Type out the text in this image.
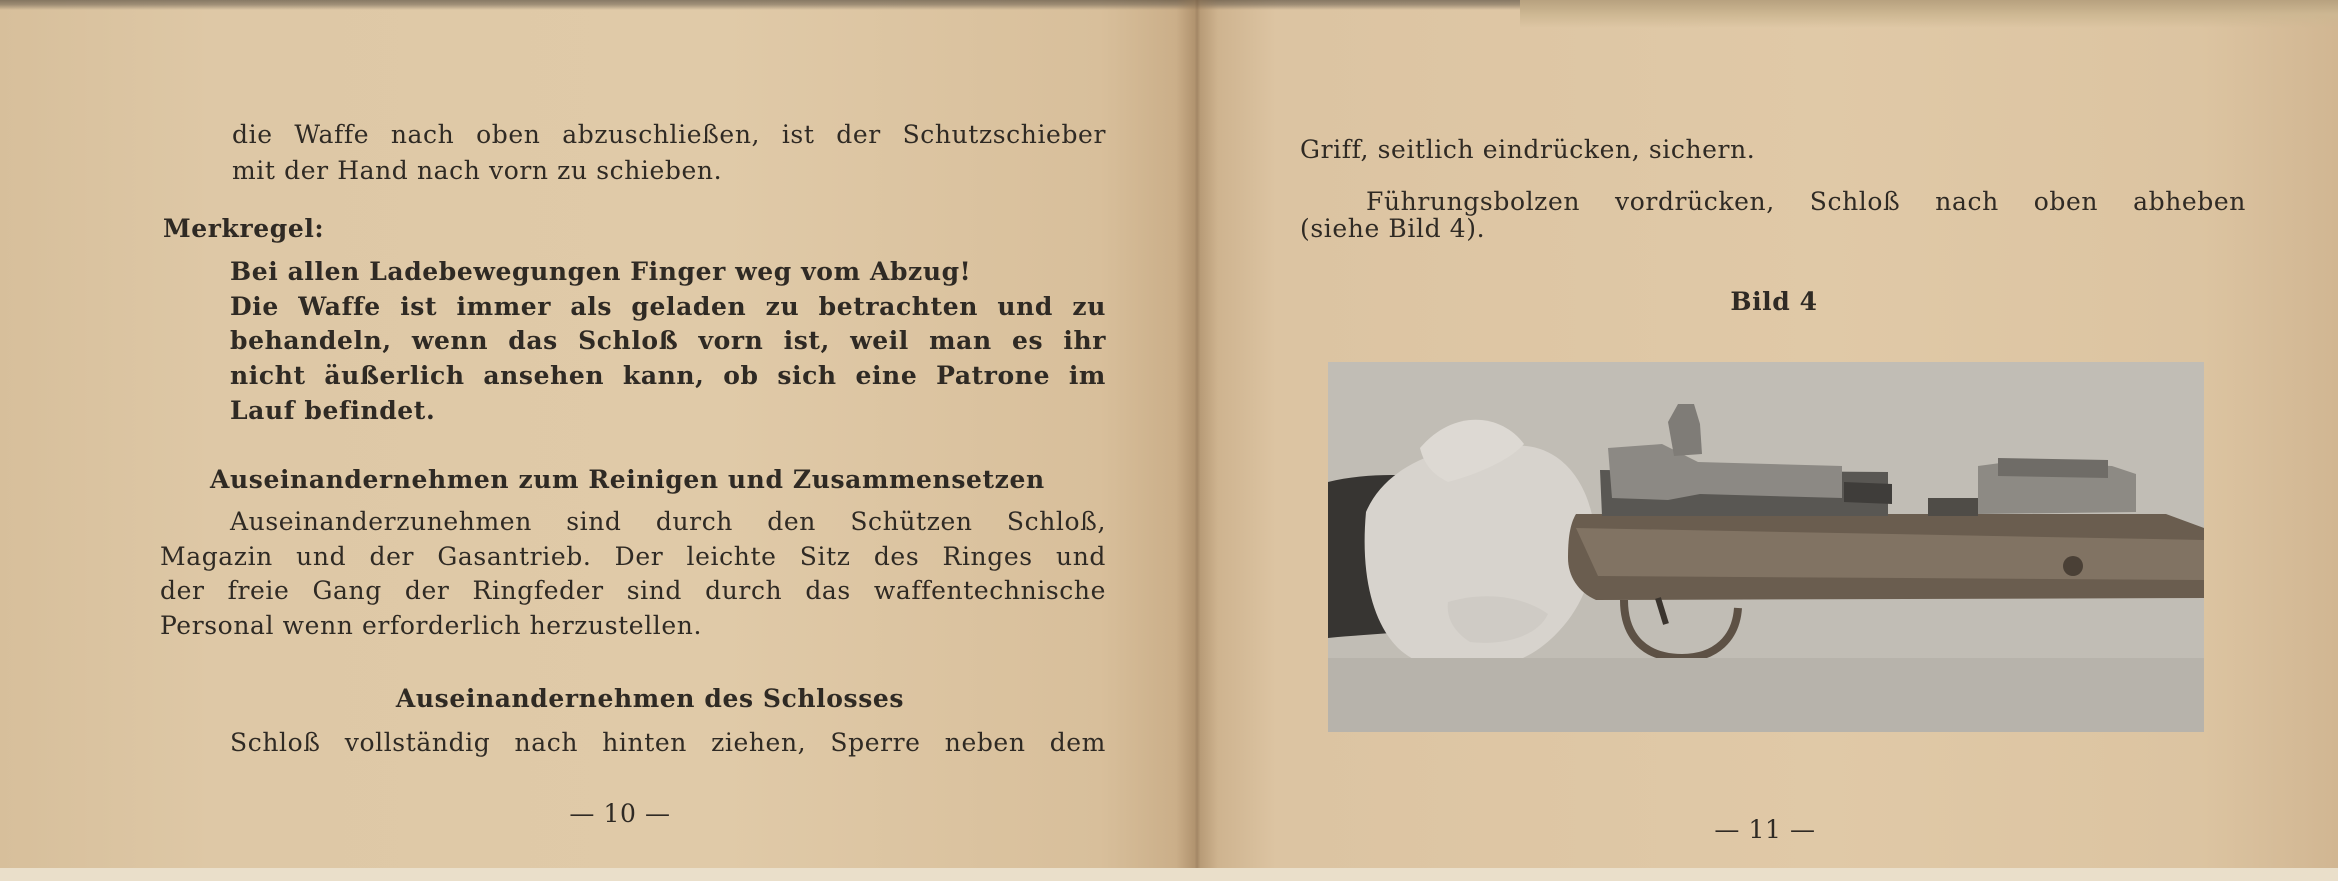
die Waffe nach oben abzuschließen, ist der Schutzschieber
mit der Hand nach vorn zu schieben.
Merkregel:
Bei allen Ladebewegungen Finger weg vom Abzug!
Die Waffe ist immer als geladen zu betrachten und zu
behandeln, wenn das Schloß vorn ist, weil man es ihr
nicht äußerlich ansehen kann, ob sich eine Patrone im
Lauf befindet.
Auseinandernehmen zum Reinigen und Zusammensetzen
Auseinanderzunehmen sind durch den Schützen Schloß,
Magazin und der Gasantrieb. Der leichte Sitz des Ringes und
der freie Gang der Ringfeder sind durch das waffentechnische
Personal wenn erforderlich herzustellen.
Auseinandernehmen des Schlosses
Schloß vollständig nach hinten ziehen, Sperre neben dem
— 10 —
Griff, seitlich eindrücken, sichern.
Führungsbolzen vordrücken, Schloß nach oben abheben
(siehe Bild 4).
Bild 4
— 11 —
